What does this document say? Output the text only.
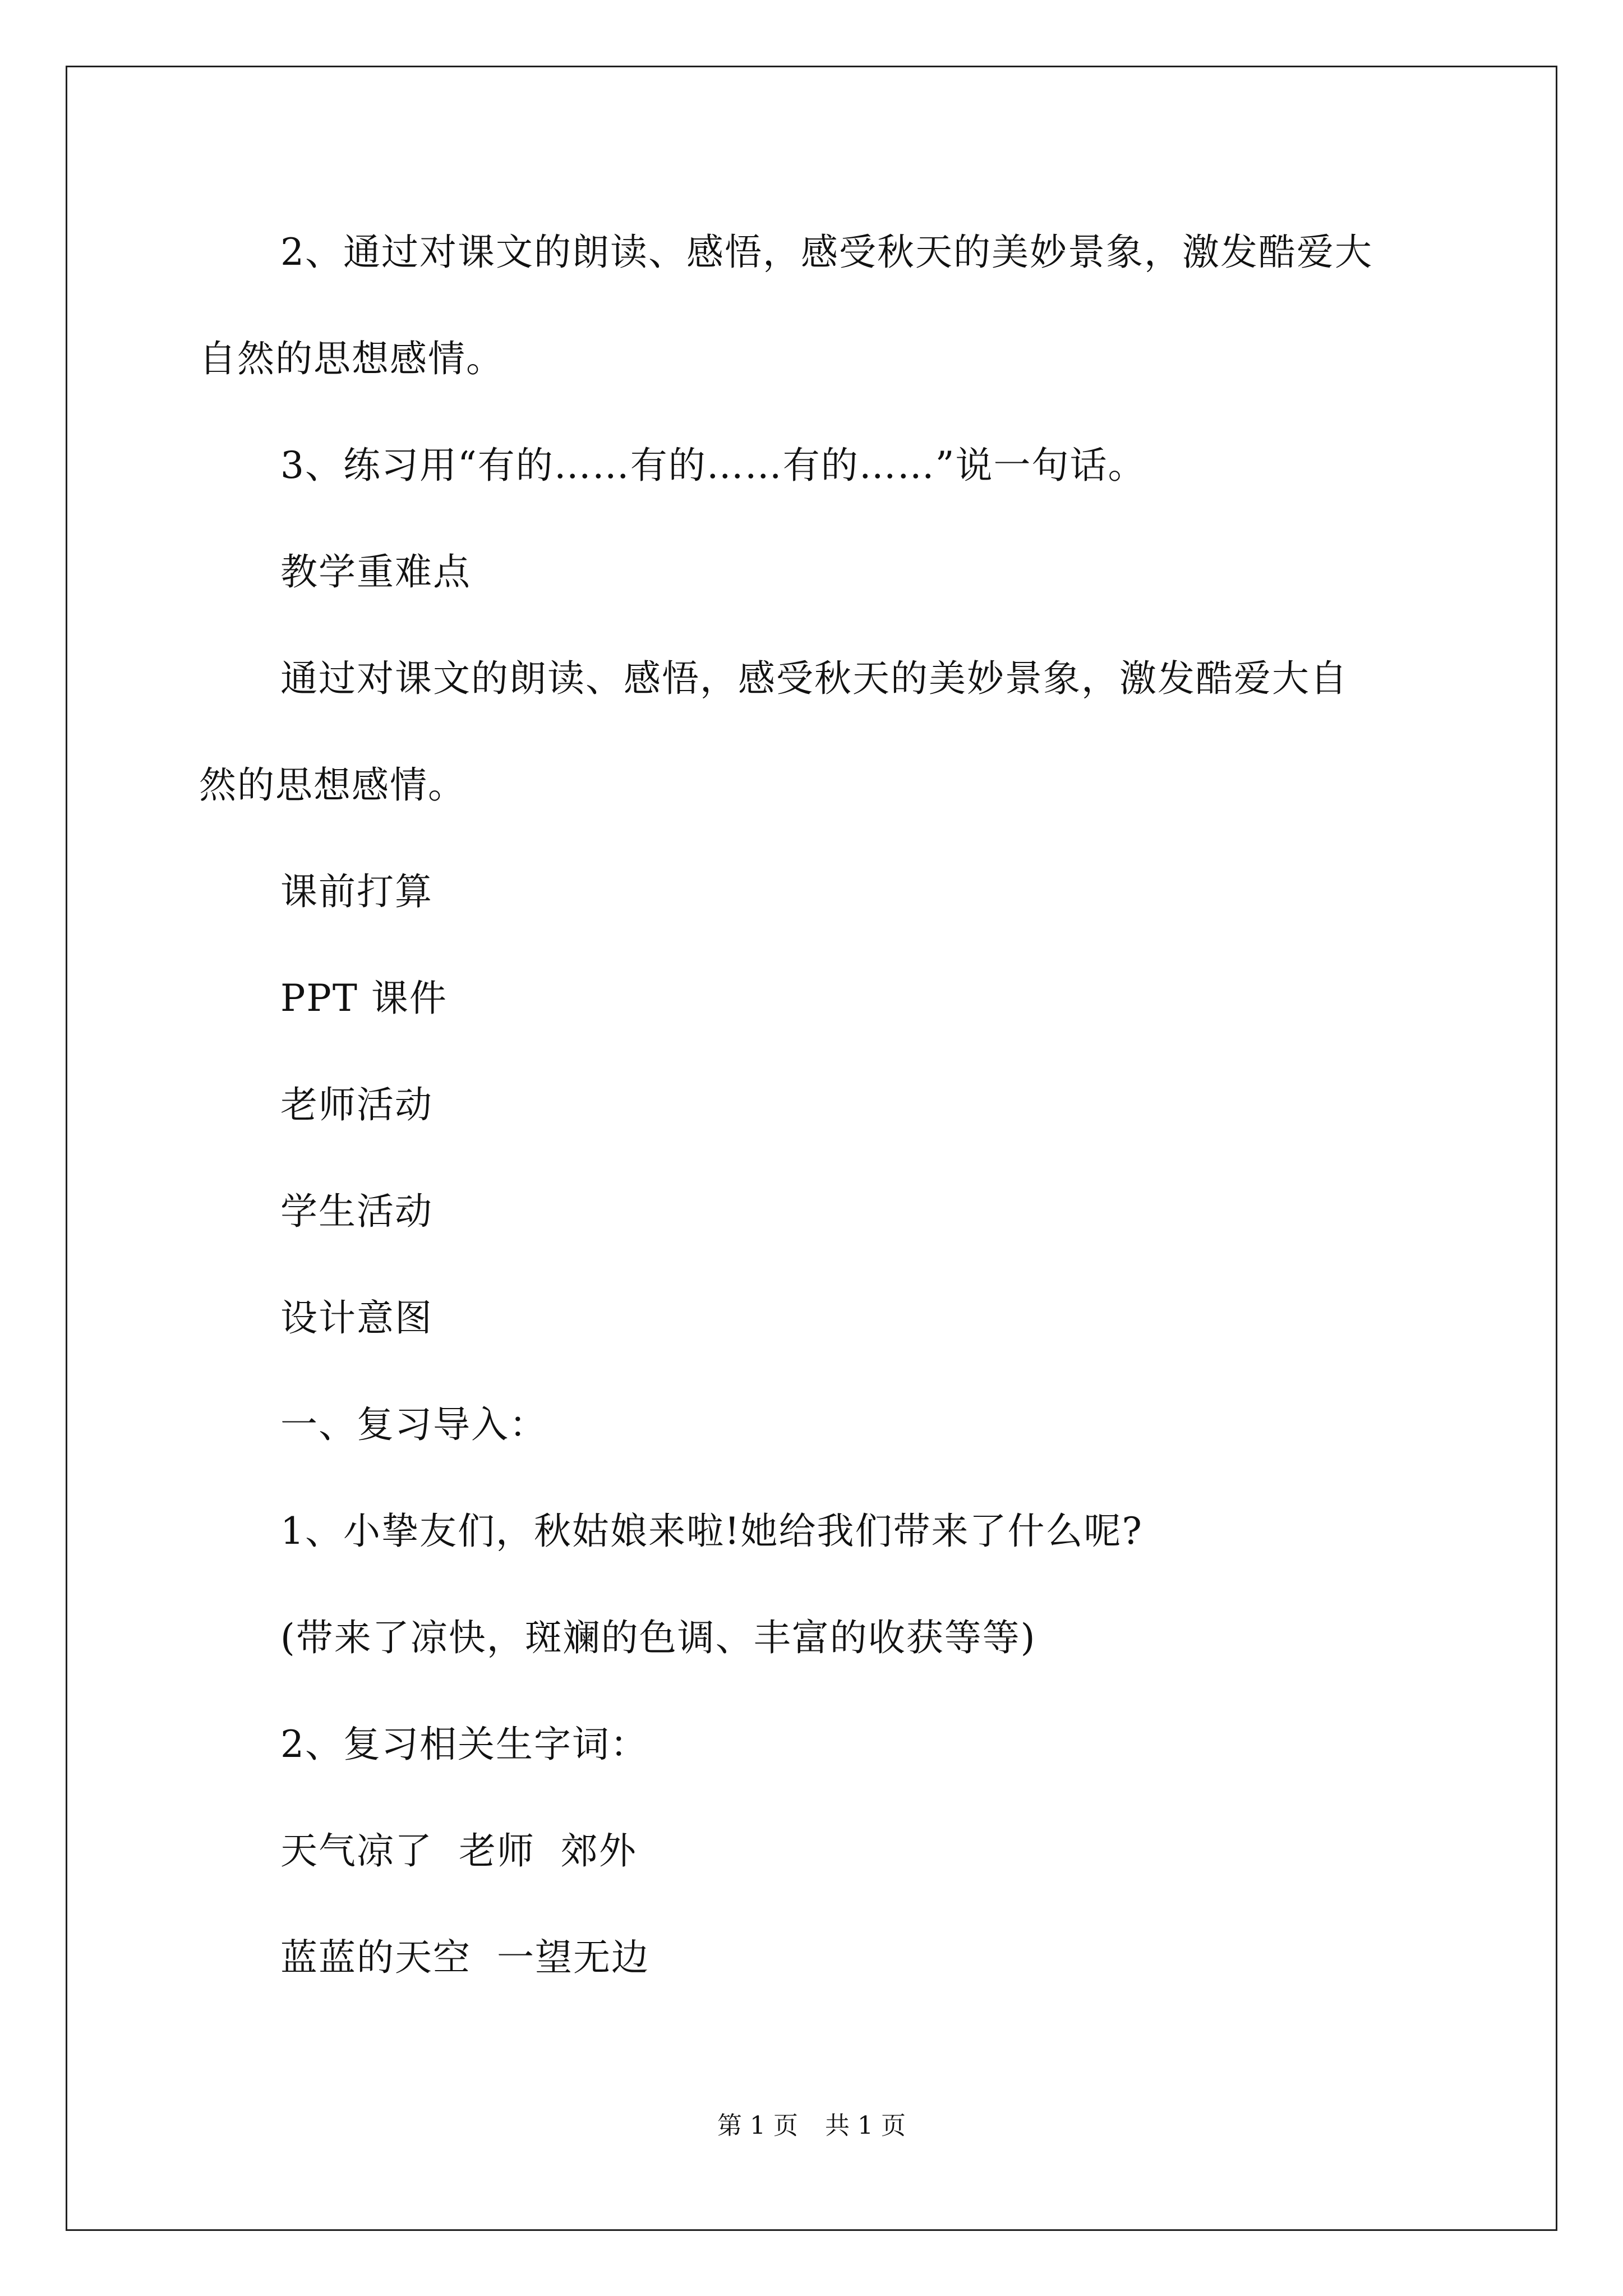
2、通过对课文的朗读、感悟，感受秋天的美妙景象，激发酷爱大
自然的思想感情。
3、练习用“有的……有的……有的……”说一句话。
教学重难点
通过对课文的朗读、感悟，感受秋天的美妙景象，激发酷爱大自
然的思想感情。
课前打算
PPT 课件
老师活动
学生活动
设计意图
一、复习导入：
1、小挚友们，秋姑娘来啦!她给我们带来了什么呢?
(带来了凉快，斑斓的色调、丰富的收获等等)
2、复习相关生字词：
天气凉了  老师  郊外
蓝蓝的天空  一望无边
第 1 页 共 1 页
